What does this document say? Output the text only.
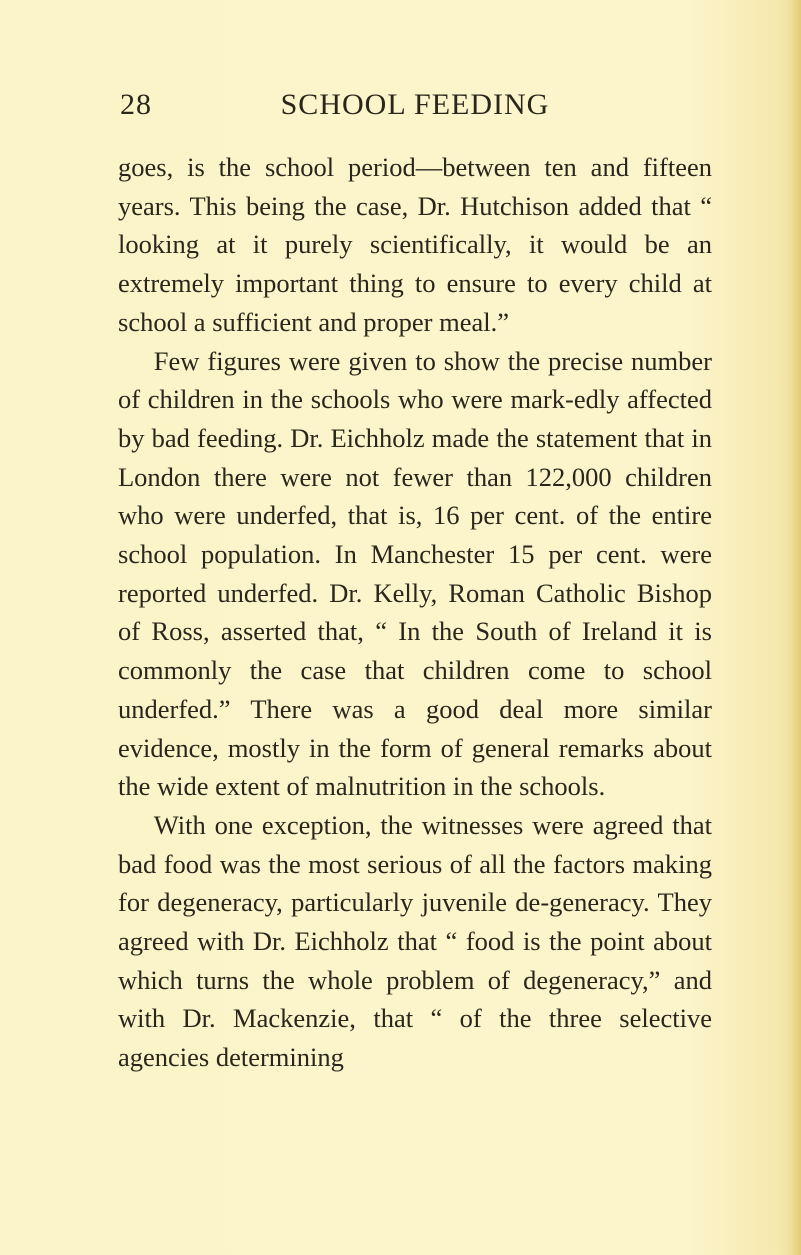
28	SCHOOL FEEDING

goes, is the school period—between ten and fifteen years. This being the case, Dr. Hutchison added that “ looking at it purely scientifically, it would be an extremely important thing to ensure to every child at school a sufficient and proper meal.”

Few figures were given to show the precise number of children in the schools who were mark-edly affected by bad feeding. Dr. Eichholz made the statement that in London there were not fewer than 122,000 children who were underfed, that is, 16 per cent. of the entire school population. In Manchester 15 per cent. were reported underfed. Dr. Kelly, Roman Catholic Bishop of Ross, asserted that, “ In the South of Ireland it is commonly the case that children come to school underfed.” There was a good deal more similar evidence, mostly in the form of general remarks about the wide extent of malnutrition in the schools.

With one exception, the witnesses were agreed that bad food was the most serious of all the factors making for degeneracy, particularly juvenile de-generacy. They agreed with Dr. Eichholz that “ food is the point about which turns the whole problem of degeneracy,” and with Dr. Mackenzie, that “ of the three selective agencies determining
